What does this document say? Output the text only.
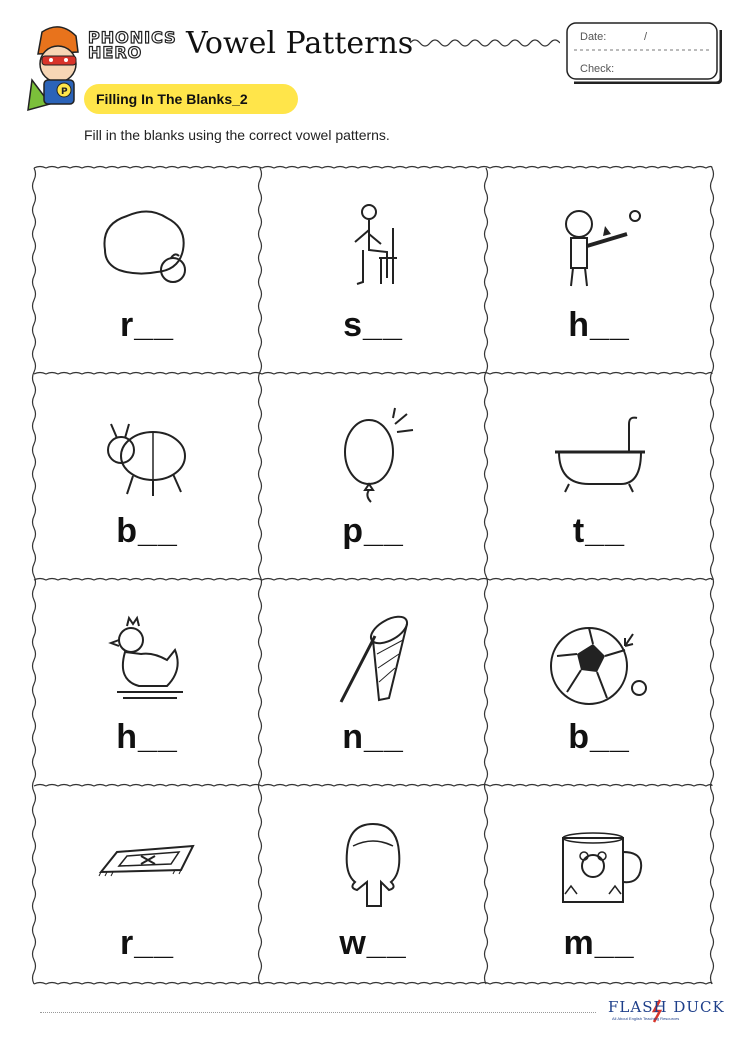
P
PHONICS
HERO	Vowel Patterns	Date:	/
Check:
Filling In The Blanks_2
Fill in the blanks using the correct vowel patterns.
r__	s__	h__
b__	p__	t__
h__	n__	b__
r__	w__	m__
FLASH DUCK
All About English Teaching Resources
